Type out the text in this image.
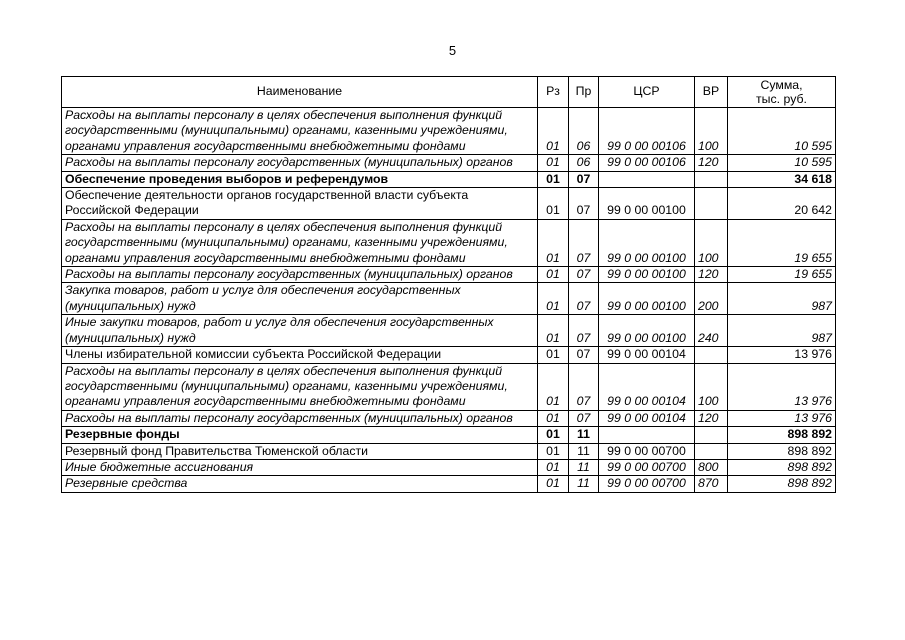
5
Наименование	Рз	Пр	ЦСР	ВР	Сумма,
тыс. руб.

Расходы на выплаты персоналу в целях обеспечения выполнения функций государственными (муниципальными) органами, казенными учреждениями, органами управления государственными внебюджетными фондами	01	06	99 0 00 00106	100	10 595
Расходы на выплаты персоналу государственных (муниципальных) органов	01	06	99 0 00 00106	120	10 595
Обеспечение проведения выборов и референдумов	01	07			34 618
Обеспечение деятельности органов государственной власти субъекта Российской Федерации	01	07	99 0 00 00100		20 642
Расходы на выплаты персоналу в целях обеспечения выполнения функций государственными (муниципальными) органами, казенными учреждениями, органами управления государственными внебюджетными фондами	01	07	99 0 00 00100	100	19 655
Расходы на выплаты персоналу государственных (муниципальных) органов	01	07	99 0 00 00100	120	19 655
Закупка товаров, работ и услуг для обеспечения государственных (муниципальных) нужд	01	07	99 0 00 00100	200	987
Иные закупки товаров, работ и услуг для обеспечения государственных (муниципальных) нужд	01	07	99 0 00 00100	240	987
Члены избирательной комиссии субъекта Российской Федерации	01	07	99 0 00 00104		13 976
Расходы на выплаты персоналу в целях обеспечения выполнения функций государственными (муниципальными) органами, казенными учреждениями, органами управления государственными внебюджетными фондами	01	07	99 0 00 00104	100	13 976
Расходы на выплаты персоналу государственных (муниципальных) органов	01	07	99 0 00 00104	120	13 976
Резервные фонды	01	11			898 892
Резервный фонд Правительства Тюменской области	01	11	99 0 00 00700		898 892
Иные бюджетные ассигнования	01	11	99 0 00 00700	800	898 892
Резервные средства	01	11	99 0 00 00700	870	898 892
